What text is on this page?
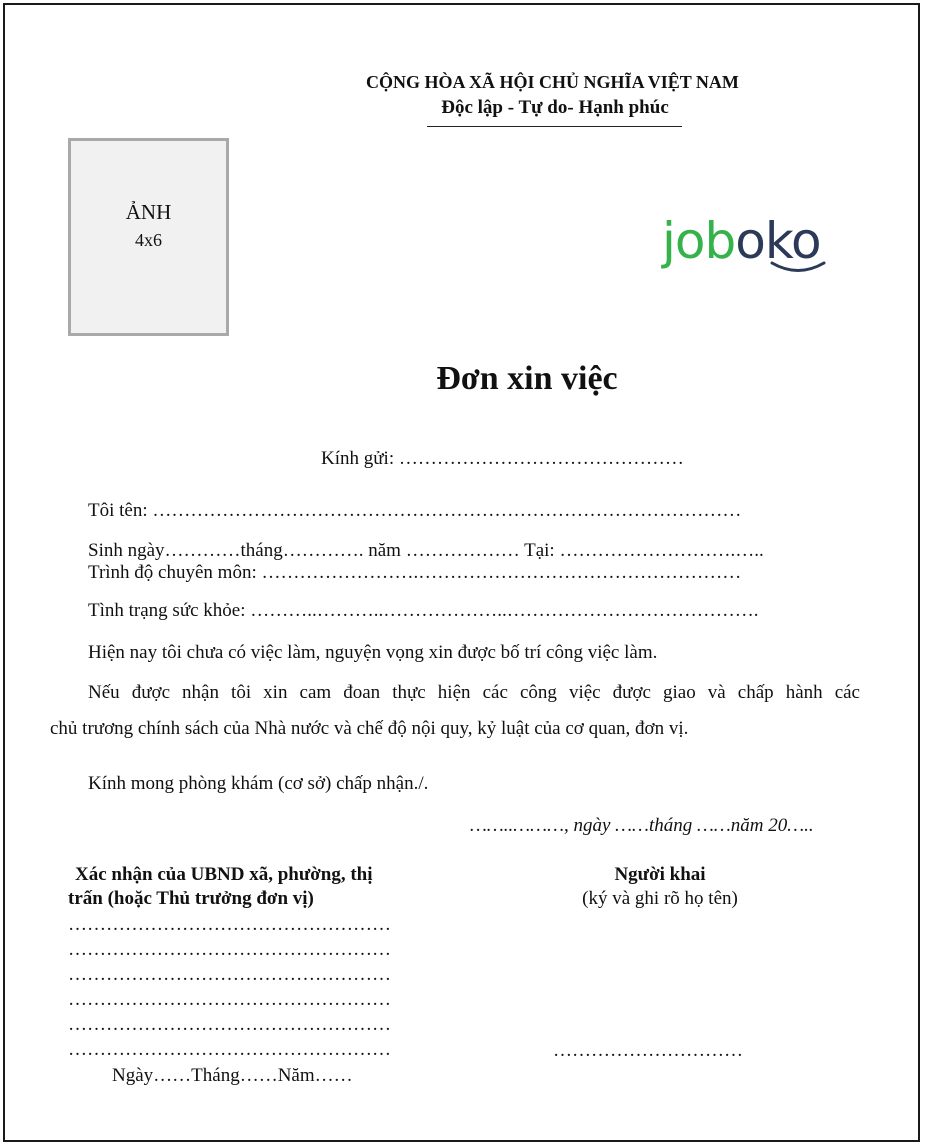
CỘNG HÒA XÃ HỘI CHỦ NGHĨA VIỆT NAM
Độc lập - Tự do- Hạnh phúc
ẢNH
4x6	joboko
Đơn xin việc
Kính gửi: ………………………………………
Tôi tên: …………………………………………………………………………………
Sinh ngày…………tháng…………. năm ……………… Tại: ……………………….…..
Trình độ chuyên môn: …………………….……………………………………………
Tình trạng sức khỏe: ………..………..………………..………………………………….
Hiện nay tôi chưa có việc làm, nguyện vọng xin được bố trí công việc làm.
Nếu được nhận tôi xin cam đoan thực hiện các công việc được giao và chấp hành các
chủ trương chính sách của Nhà nước và chế độ nội quy, kỷ luật của cơ quan, đơn vị.
Kính mong phòng khám (cơ sở) chấp nhận./.
……..………, ngày ……tháng ……năm 20…..
Xác nhận của UBND xã, phường, thị
trấn (hoặc Thủ trưởng đơn vị)
……………………………………………
……………………………………………
……………………………………………
……………………………………………
……………………………………………
……………………………………………
Ngày……Tháng……Năm……
Người khai
(ký và ghi rõ họ tên)
…………………………
